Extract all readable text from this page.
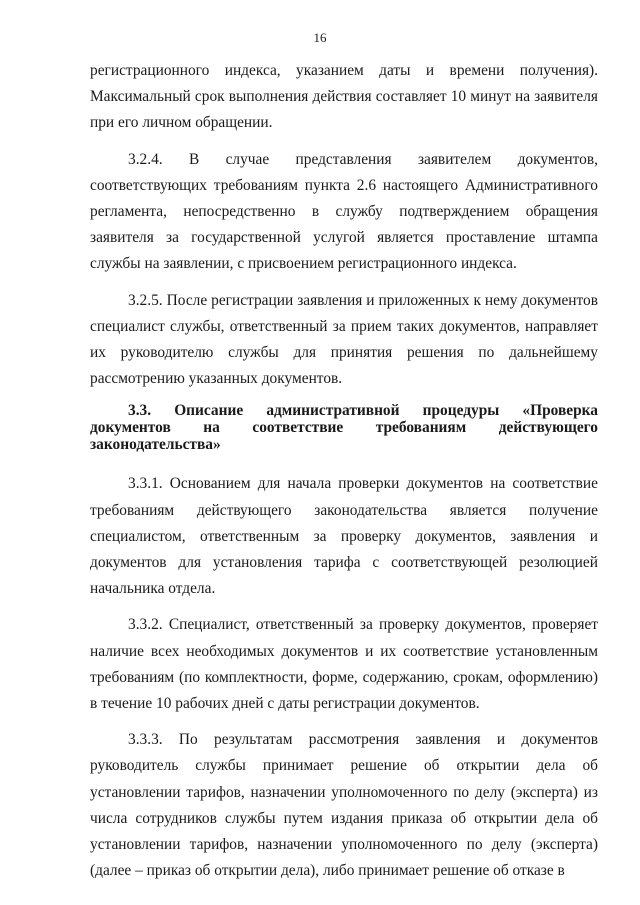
16

регистрационного индекса, указанием даты и времени получения). Максимальный срок выполнения действия составляет 10 минут на заявителя при его личном обращении.

3.2.4. В случае представления заявителем документов, соответствующих требованиям пункта 2.6 настоящего Административного регламента, непосредственно в службу подтверждением обращения заявителя за государственной услугой является проставление штампа службы на заявлении, с присвоением регистрационного индекса.

3.2.5. После регистрации заявления и приложенных к нему документов специалист службы, ответственный за прием таких документов, направляет их руководителю службы для принятия решения по дальнейшему рассмотрению указанных документов.

3.3. Описание административной процедуры «Проверка документов на соответствие требованиям действующего законодательства»

3.3.1. Основанием для начала проверки документов на соответствие требованиям действующего законодательства является получение специалистом, ответственным за проверку документов, заявления и документов для установления тарифа с соответствующей резолюцией начальника отдела.

3.3.2. Специалист, ответственный за проверку документов, проверяет наличие всех необходимых документов и их соответствие установленным требованиям (по комплектности, форме, содержанию, срокам, оформлению) в течение 10 рабочих дней с даты регистрации документов.

3.3.3. По результатам рассмотрения заявления и документов руководитель службы принимает решение об открытии дела об установлении тарифов, назначении уполномоченного по делу (эксперта) из числа сотрудников службы путем издания приказа об открытии дела об установлении тарифов, назначении уполномоченного по делу (эксперта) (далее – приказ об открытии дела), либо принимает решение об отказе в
